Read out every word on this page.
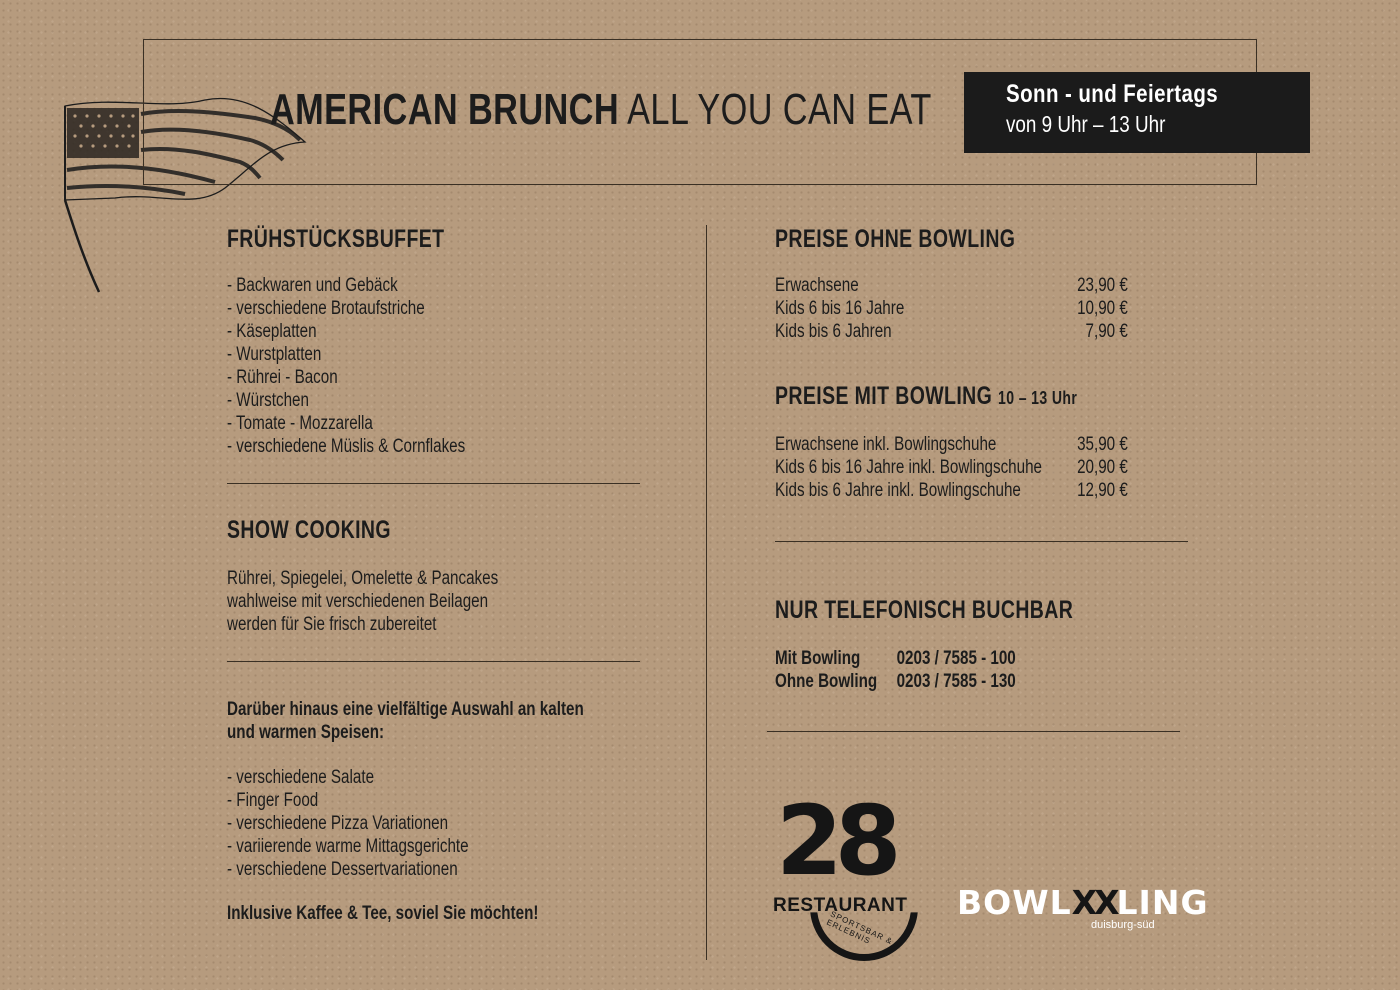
AMERICAN BRUNCH ALL YOU CAN EAT	Sonn - und Feiertags
von 9 Uhr – 13 Uhr
FRÜHSTÜCKSBUFFET
- Backwaren und Gebäck
- verschiedene Brotaufstriche
- Käseplatten
- Wurstplatten
- Rührei - Bacon
- Würstchen
- Tomate - Mozzarella
- verschiedene Müslis & Cornflakes
SHOW COOKING
Rührei, Spiegelei, Omelette & Pancakes
wahlweise mit verschiedenen Beilagen
werden für Sie frisch zubereitet
Darüber hinaus eine vielfältige Auswahl an kalten
und warmen Speisen:
- verschiedene Salate
- Finger Food
- verschiedene Pizza Variationen
- variierende warme Mittagsgerichte
- verschiedene Dessertvariationen
Inklusive Kaffee & Tee, soviel Sie möchten!
PREISE OHNE BOWLING
Erwachsene	23,90 €
Kids 6 bis 16 Jahre	10,90 €
Kids bis 6 Jahren	7,90 €
PREISE MIT BOWLING 10 – 13 Uhr
Erwachsene inkl. Bowlingschuhe	35,90 €
Kids 6 bis 16 Jahre inkl. Bowlingschuhe 20,90 €
Kids bis 6 Jahre inkl. Bowlingschuhe	12,90 €
NUR TELEFONISCH BUCHBAR
Mit Bowling	0203 / 7585 - 100
Ohne Bowling	0203 / 7585 - 130
28
RESTAURANT
SPORTSBAR & ERLEBNIS
BOWLXXLING
duisburg-süd
